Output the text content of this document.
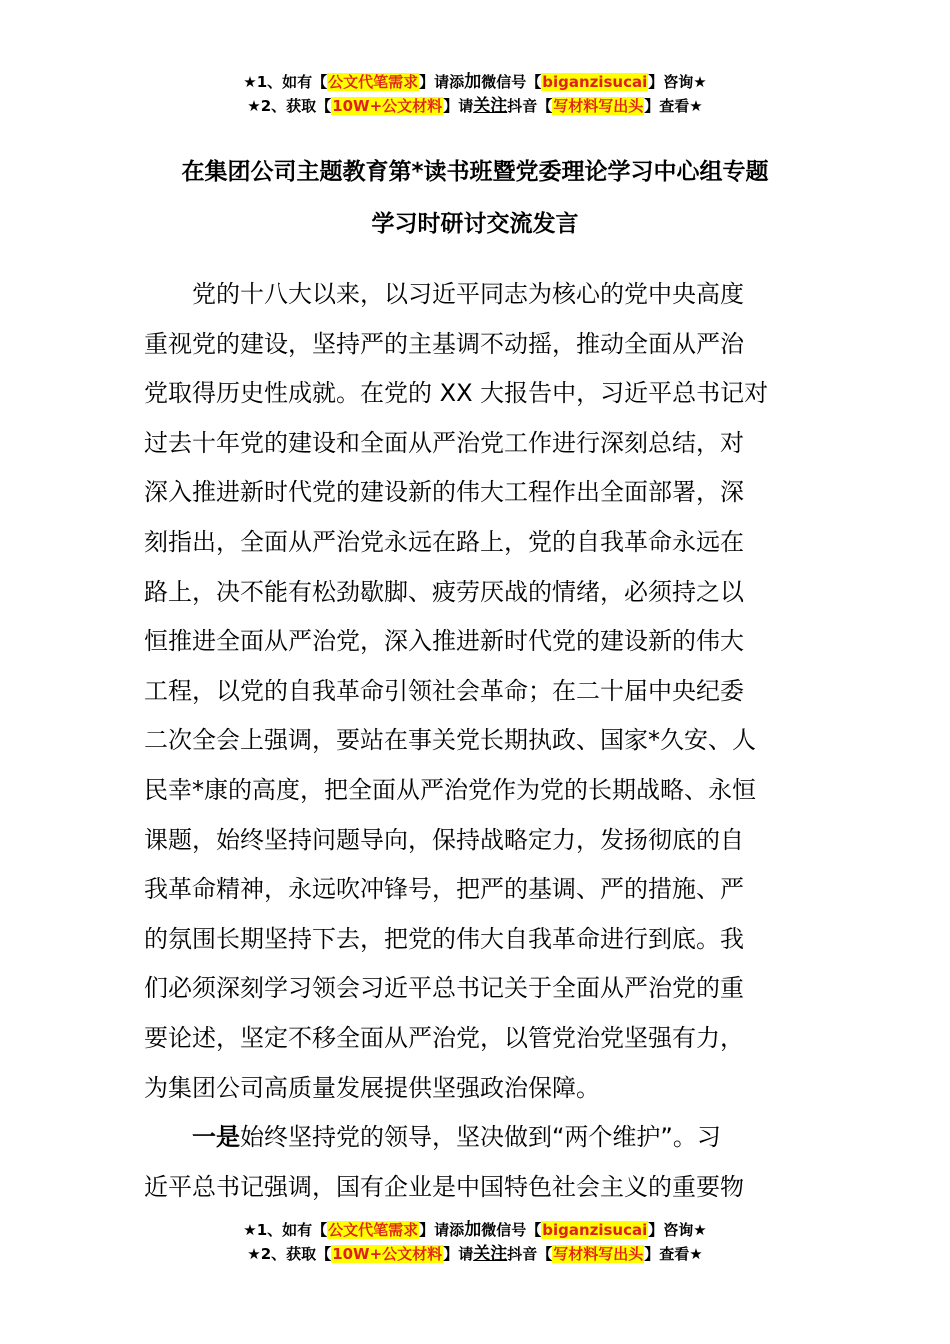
★1、如有【公文代笔需求】请添加微信号【biganzisucai】咨询★
★2、获取【10W+公文材料】请关注抖音【写材料写出头】查看★
在集团公司主题教育第*读书班暨党委理论学习中心组专题
学习时研讨交流发言
　　党的十八大以来，以习近平同志为核心的党中央高度
重视党的建设，坚持严的主基调不动摇，推动全面从严治
党取得历史性成就。在党的 XX 大报告中，习近平总书记对
过去十年党的建设和全面从严治党工作进行深刻总结，对
深入推进新时代党的建设新的伟大工程作出全面部署，深
刻指出，全面从严治党永远在路上，党的自我革命永远在
路上，决不能有松劲歇脚、疲劳厌战的情绪，必须持之以
恒推进全面从严治党，深入推进新时代党的建设新的伟大
工程，以党的自我革命引领社会革命；在二十届中央纪委
二次全会上强调，要站在事关党长期执政、国家*久安、人
民幸*康的高度，把全面从严治党作为党的长期战略、永恒
课题，始终坚持问题导向，保持战略定力，发扬彻底的自
我革命精神，永远吹冲锋号，把严的基调、严的措施、严
的氛围长期坚持下去，把党的伟大自我革命进行到底。我
们必须深刻学习领会习近平总书记关于全面从严治党的重
要论述，坚定不移全面从严治党，以管党治党坚强有力，
为集团公司高质量发展提供坚强政治保障。
　　一是始终坚持党的领导，坚决做到“两个维护”。习
近平总书记强调，国有企业是中国特色社会主义的重要物
★1、如有【公文代笔需求】请添加微信号【biganzisucai】咨询★
★2、获取【10W+公文材料】请关注抖音【写材料写出头】查看★
